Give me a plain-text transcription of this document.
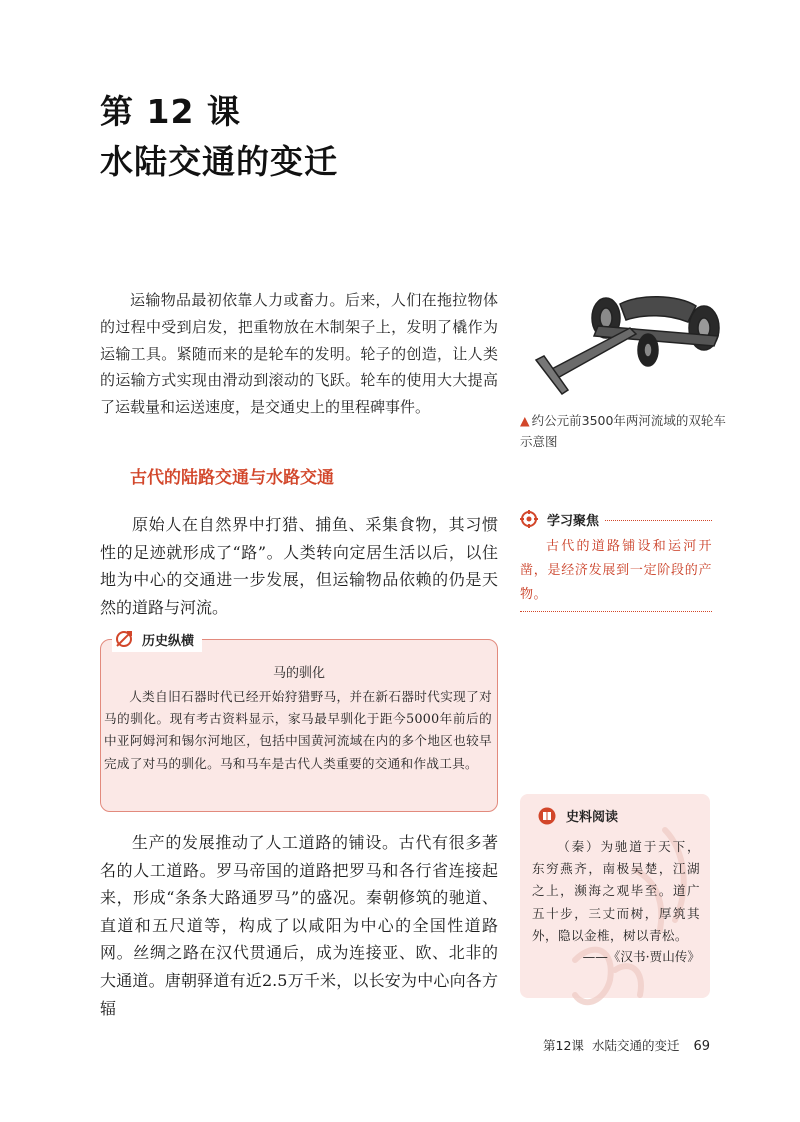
第 12 课
水陆交通的变迁

运输物品最初依靠人力或畜力。后来，人们在拖拉物体的过程中受到启发，把重物放在木制架子上，发明了橇作为运输工具。紧随而来的是轮车的发明。轮子的创造，让人类的运输方式实现由滑动到滚动的飞跃。轮车的使用大大提高了运载量和运送速度，是交通史上的里程碑事件。

▲ 约公元前3500年两河流域的双轮车示意图
古代的陆路交通与水路交通

原始人在自然界中打猎、捕鱼、采集食物，其习惯性的足迹就形成了“路”。人类转向定居生活以后，以住地为中心的交通进一步发展，但运输物品依赖的仍是天然的道路与河流。

学习聚焦
古代的道路铺设和运河开凿，是经济发展到一定阶段的产物。
历史纵横
马的驯化

人类自旧石器时代已经开始狩猎野马，并在新石器时代实现了对马的驯化。现有考古资料显示，家马最早驯化于距今5000年前后的中亚阿姆河和锡尔河地区，包括中国黄河流域在内的多个地区也较早完成了对马的驯化。马和马车是古代人类重要的交通和作战工具。

生产的发展推动了人工道路的铺设。古代有很多著名的人工道路。罗马帝国的道路把罗马和各行省连接起来，形成“条条大路通罗马”的盛况。秦朝修筑的驰道、直道和五尺道等，构成了以咸阳为中心的全国性道路网。丝绸之路在汉代贯通后，成为连接亚、欧、北非的大通道。唐朝驿道有近2.5万千米，以长安为中心向各方辐

史料阅读

（秦）为驰道于天下，东穷燕齐，南极吴楚，江湖之上，濒海之观毕至。道广五十步，三丈而树，厚筑其外，隐以金椎，树以青松。

——《汉书·贾山传》
第12课 水陆交通的变迁 69
